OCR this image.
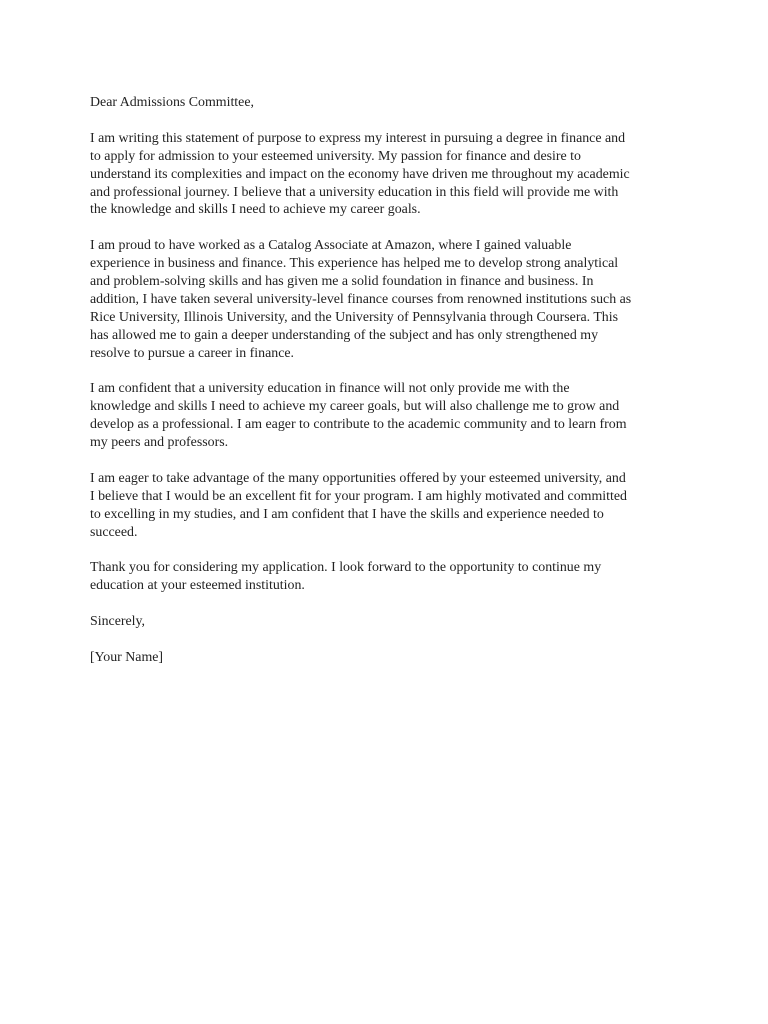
Dear Admissions Committee,

I am writing this statement of purpose to express my interest in pursuing a degree in finance and
to apply for admission to your esteemed university. My passion for finance and desire to
understand its complexities and impact on the economy have driven me throughout my academic
and professional journey. I believe that a university education in this field will provide me with
the knowledge and skills I need to achieve my career goals.

I am proud to have worked as a Catalog Associate at Amazon, where I gained valuable
experience in business and finance. This experience has helped me to develop strong analytical
and problem-solving skills and has given me a solid foundation in finance and business. In
addition, I have taken several university-level finance courses from renowned institutions such as
Rice University, Illinois University, and the University of Pennsylvania through Coursera. This
has allowed me to gain a deeper understanding of the subject and has only strengthened my
resolve to pursue a career in finance.

I am confident that a university education in finance will not only provide me with the
knowledge and skills I need to achieve my career goals, but will also challenge me to grow and
develop as a professional. I am eager to contribute to the academic community and to learn from
my peers and professors.

I am eager to take advantage of the many opportunities offered by your esteemed university, and
I believe that I would be an excellent fit for your program. I am highly motivated and committed
to excelling in my studies, and I am confident that I have the skills and experience needed to
succeed.

Thank you for considering my application. I look forward to the opportunity to continue my
education at your esteemed institution.

Sincerely,

[Your Name]
